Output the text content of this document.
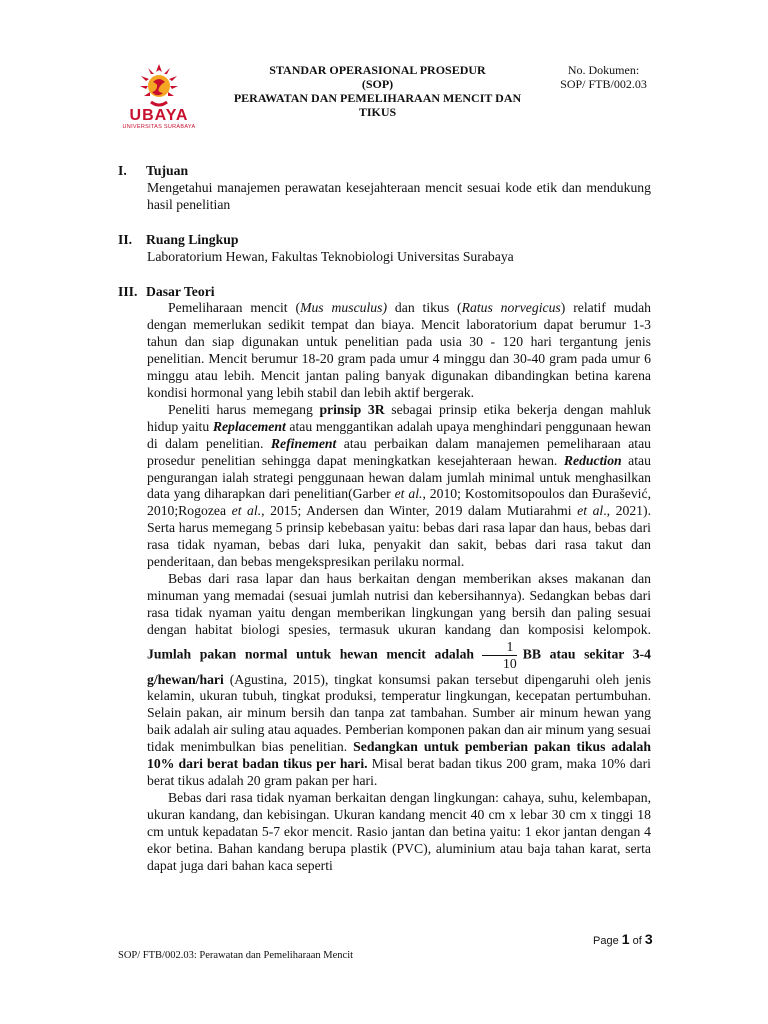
UBAYA
UNIVERSITAS SURABAYA
STANDAR OPERASIONAL PROSEDUR
(SOP)
PERAWATAN DAN PEMELIHARAAN MENCIT DAN
TIKUS
No. Dokumen:
SOP/ FTB/002.03
I.	Tujuan
Mengetahui manajemen perawatan kesejahteraan mencit sesuai kode etik dan mendukung hasil penelitian
II.	Ruang Lingkup
Laboratorium Hewan, Fakultas Teknobiologi Universitas Surabaya
III. Dasar Teori

Pemeliharaan mencit (Mus musculus) dan tikus (Ratus norvegicus) relatif mudah dengan memerlukan sedikit tempat dan biaya. Mencit laboratorium dapat berumur 1-3 tahun dan siap digunakan untuk penelitian pada usia 30 - 120 hari tergantung jenis penelitian. Mencit berumur 18-20 gram pada umur 4 minggu dan 30-40 gram pada umur 6 minggu atau lebih. Mencit jantan paling banyak digunakan dibandingkan betina karena kondisi hormonal yang lebih stabil dan lebih aktif bergerak.

Peneliti harus memegang prinsip 3R sebagai prinsip etika bekerja dengan mahluk hidup yaitu Replacement atau menggantikan adalah upaya menghindari penggunaan hewan di dalam penelitian. Refinement atau perbaikan dalam manajemen pemeliharaan atau prosedur penelitian sehingga dapat meningkatkan kesejahteraan hewan. Reduction atau pengurangan ialah strategi penggunaan hewan dalam jumlah minimal untuk menghasilkan data yang diharapkan dari penelitian(Garber et al., 2010; Kostomitsopoulos dan Đurašević, 2010;Rogozea et al., 2015; Andersen dan Winter, 2019 dalam Mutiarahmi et al., 2021). Serta harus memegang 5 prinsip kebebasan yaitu: bebas dari rasa lapar dan haus, bebas dari rasa tidak nyaman, bebas dari luka, penyakit dan sakit, bebas dari rasa takut dan penderitaan, dan bebas mengekspresikan perilaku normal.

Bebas dari rasa lapar dan haus berkaitan dengan memberikan akses makanan dan minuman yang memadai (sesuai jumlah nutrisi dan kebersihannya). Sedangkan bebas dari rasa tidak nyaman yaitu dengan memberikan lingkungan yang bersih dan paling sesuai dengan habitat biologi spesies, termasuk ukuran kandang dan komposisi kelompok. Jumlah pakan normal untuk hewan mencit adalah $\frac{1}{10}$ BB atau sekitar 3-4 g/hewan/hari (Agustina, 2015), tingkat konsumsi pakan tersebut dipengaruhi oleh jenis kelamin, ukuran tubuh, tingkat produksi, temperatur lingkungan, kecepatan pertumbuhan. Selain pakan, air minum bersih dan tanpa zat tambahan. Sumber air minum hewan yang baik adalah air suling atau aquades. Pemberian komponen pakan dan air minum yang sesuai tidak menimbulkan bias penelitian. Sedangkan untuk pemberian pakan tikus adalah 10% dari berat badan tikus per hari. Misal berat badan tikus 200 gram, maka 10% dari berat tikus adalah 20 gram pakan per hari.

Bebas dari rasa tidak nyaman berkaitan dengan lingkungan: cahaya, suhu, kelembapan, ukuran kandang, dan kebisingan. Ukuran kandang mencit 40 cm x lebar 30 cm x tinggi 18 cm untuk kepadatan 5-7 ekor mencit. Rasio jantan dan betina yaitu: 1 ekor jantan dengan 4 ekor betina. Bahan kandang berupa plastik (PVC), aluminium atau baja tahan karat, serta dapat juga dari bahan kaca seperti

Page 1 of 3
SOP/ FTB/002.03: Perawatan dan Pemeliharaan Mencit
